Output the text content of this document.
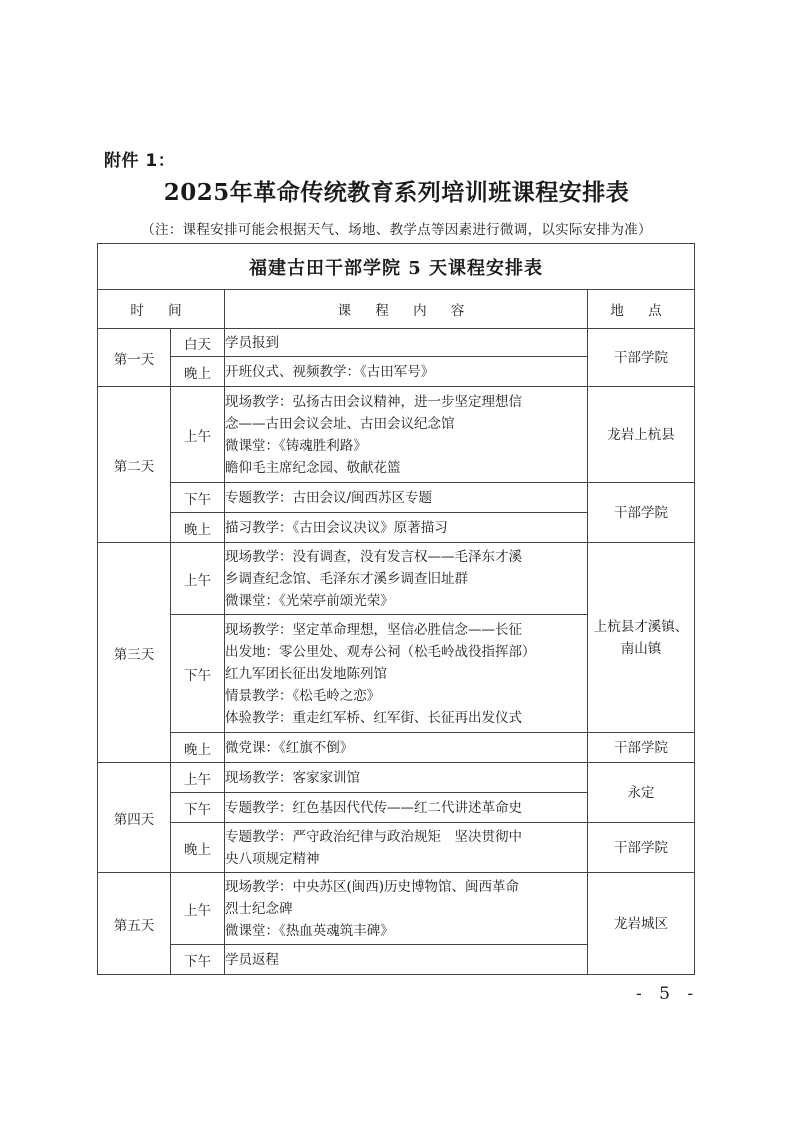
附件 1：
2025年革命传统教育系列培训班课程安排表
（注：课程安排可能会根据天气、场地、教学点等因素进行微调，以实际安排为准）
福建古田干部学院 5 天课程安排表			
时 间		课 程 内 容	地 点
第一天	白天	学员报到	干部学院
	晚上	开班仪式、视频教学：《古田军号》	
第二天	上午	现场教学：弘扬古田会议精神，进一步坚定理想信
念——古田会议会址、古田会议纪念馆
微课堂：《铸魂胜利路》
瞻仰毛主席纪念园、敬献花篮	龙岩上杭县
	下午	专题教学：古田会议/闽西苏区专题	干部学院
	晚上	描习教学：《古田会议决议》原著描习	
第三天	上午	现场教学：没有调查，没有发言权——毛泽东才溪
乡调查纪念馆、毛泽东才溪乡调查旧址群
微课堂：《光荣亭前颂光荣》	上杭县才溪镇、南山镇
	下午	现场教学：坚定革命理想，坚信必胜信念——长征
出发地：零公里处、观寿公祠（松毛岭战役指挥部）
红九军团长征出发地陈列馆
情景教学：《松毛岭之恋》
体验教学：重走红军桥、红军街、长征再出发仪式	

	晚上	微党课：《红旗不倒》	干部学院
第四天	上午	现场教学：客家家训馆	永定
	下午	专题教学：红色基因代代传——红二代讲述革命史	
	晚上	专题教学：严守政治纪律与政治规矩　坚决贯彻中
央八项规定精神	干部学院
第五天	上午	现场教学：中央苏区(闽西)历史博物馆、闽西革命
烈士纪念碑
微课堂：《热血英魂筑丰碑》	龙岩城区
	下午	学员返程	
- 5 -
